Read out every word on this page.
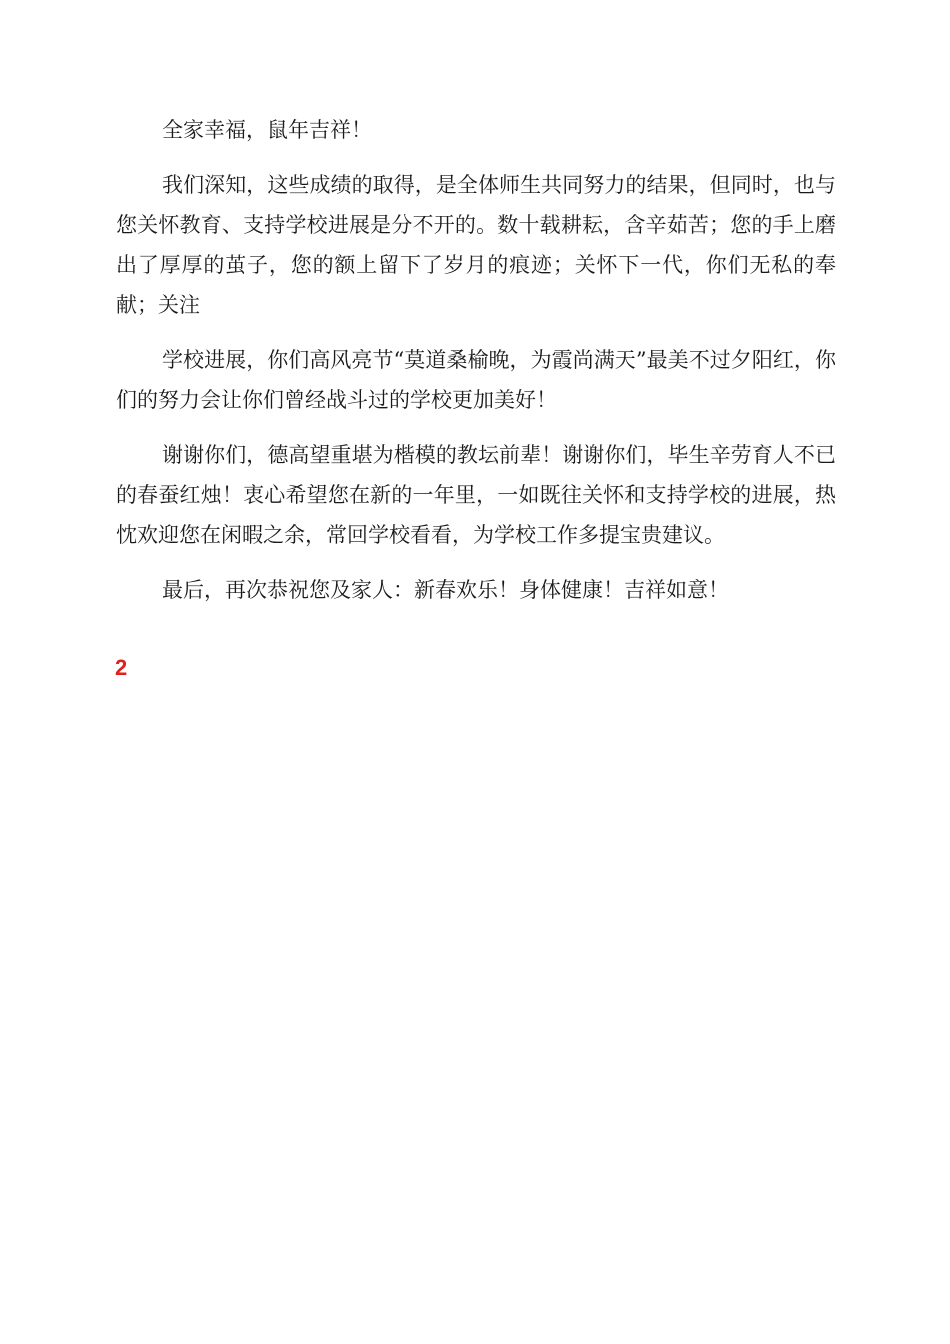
全家幸福，鼠年吉祥！

我们深知，这些成绩的取得，是全体师生共同努力的结果，但同时，也与您关怀教育、支持学校进展是分不开的。数十载耕耘，含辛茹苦；您的手上磨出了厚厚的茧子，您的额上留下了岁月的痕迹；关怀下一代，你们无私的奉献；关注

学校进展，你们高风亮节“莫道桑榆晚，为霞尚满天”最美不过夕阳红，你们的努力会让你们曾经战斗过的学校更加美好！

谢谢你们，德高望重堪为楷模的教坛前辈！谢谢你们，毕生辛劳育人不已的春蚕红烛！衷心希望您在新的一年里，一如既往关怀和支持学校的进展，热忱欢迎您在闲暇之余，常回学校看看，为学校工作多提宝贵建议。

最后，再次恭祝您及家人：新春欢乐！身体健康！吉祥如意！

2
